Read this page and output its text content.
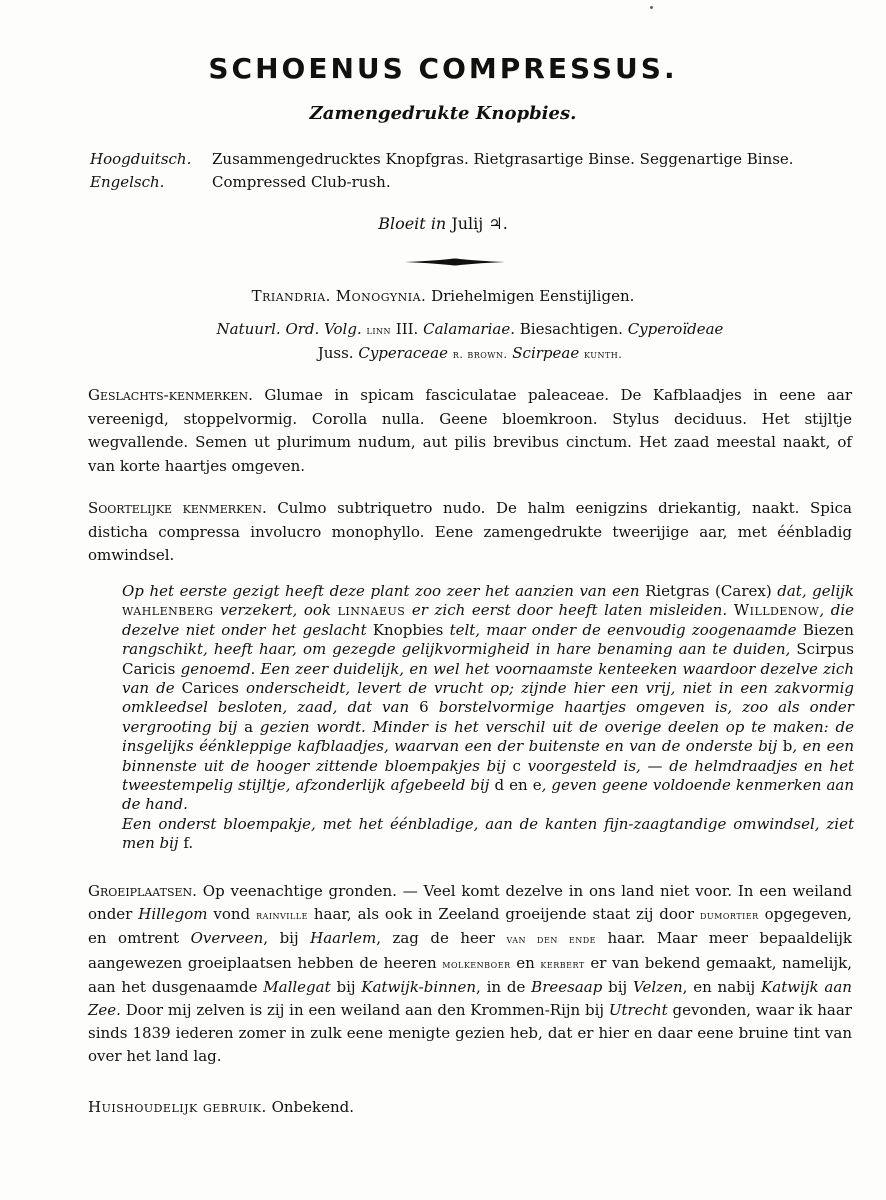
SCHOENUS COMPRESSUS.
Zamengedrukte Knopbies.
Hoogduitsch. Zusammengedrucktes Knopfgras. Rietgrasartige Binse. Seggenartige Binse.
Engelsch.	Compressed Club-rush.
Bloeit in Julij ♃.
Triandria. Monogynia. Driehelmigen Eenstijligen.
Natuurl. Ord. Volg. linn III. Calamariae. Biesachtigen. Cyperoïdeae
Juss. Cyperaceae r. brown. Scirpeae kunth.
Geslachts-kenmerken. Glumae in spicam fasciculatae paleaceae. De Kafblaadjes in eene aar vereenigd, stoppelvormig. Corolla nulla. Geene bloemkroon. Stylus deciduus. Het stijltje wegvallende. Semen ut plurimum nudum, aut pilis brevibus cinctum. Het zaad meestal naakt, of van korte haartjes omgeven.
Soortelijke kenmerken. Culmo subtriquetro nudo. De halm eenigzins driekantig, naakt. Spica disticha compressa involucro monophyllo. Eene zamengedrukte tweerijige aar, met éénbladig omwindsel.
Op het eerste gezigt heeft deze plant zoo zeer het aanzien van een Rietgras (Carex) dat, gelijk wahlenberg verzekert, ook linnaeus er zich eerst door heeft laten misleiden. Willdenow, die dezelve niet onder het geslacht Knopbies telt, maar onder de eenvoudig zoogenaamde Biezen rangschikt, heeft haar, om gezegde gelijkvormigheid in hare benaming aan te duiden, Scirpus Caricis genoemd. Een zeer duidelijk, en wel het voornaamste kenteeken waardoor dezelve zich van de Carices onderscheidt, levert de vrucht op; zijnde hier een vrij, niet in een zakvormig omkleedsel besloten, zaad, dat van 6 borstelvormige haartjes omgeven is, zoo als onder vergrooting bij a gezien wordt. Minder is het verschil uit de overige deelen op te maken: de insgelijks éénkleppige kafblaadjes, waarvan een der buitenste en van de onderste bij b, en een binnenste uit de hooger zittende bloempakjes bij c voorgesteld is, — de helmdraadjes en het tweestempelig stijltje, afzonderlijk afgebeeld bij d en e, geven geene voldoende kenmerken aan de hand.
Een onderst bloempakje, met het éénbladige, aan de kanten fijn-zaagtandige omwindsel, ziet men bij f.
Groeiplaatsen. Op veenachtige gronden. — Veel komt dezelve in ons land niet voor. In een weiland onder Hillegom vond rainville haar, als ook in Zeeland groeijende staat zij door dumortier opgegeven, en omtrent Overveen, bij Haarlem, zag de heer van den ende haar. Maar meer bepaaldelijk aangewezen groeiplaatsen hebben de heeren molkenboer en kerbert er van bekend gemaakt, namelijk, aan het dusgenaamde Mallegat bij Katwijk-binnen, in de Breesaap bij Velzen, en nabij Katwijk aan Zee. Door mij zelven is zij in een weiland aan den Krommen-Rijn bij Utrecht gevonden, waar ik haar sinds 1839 iederen zomer in zulk eene menigte gezien heb, dat er hier en daar eene bruine tint van over het land lag.
Huishoudelijk gebruik. Onbekend.
